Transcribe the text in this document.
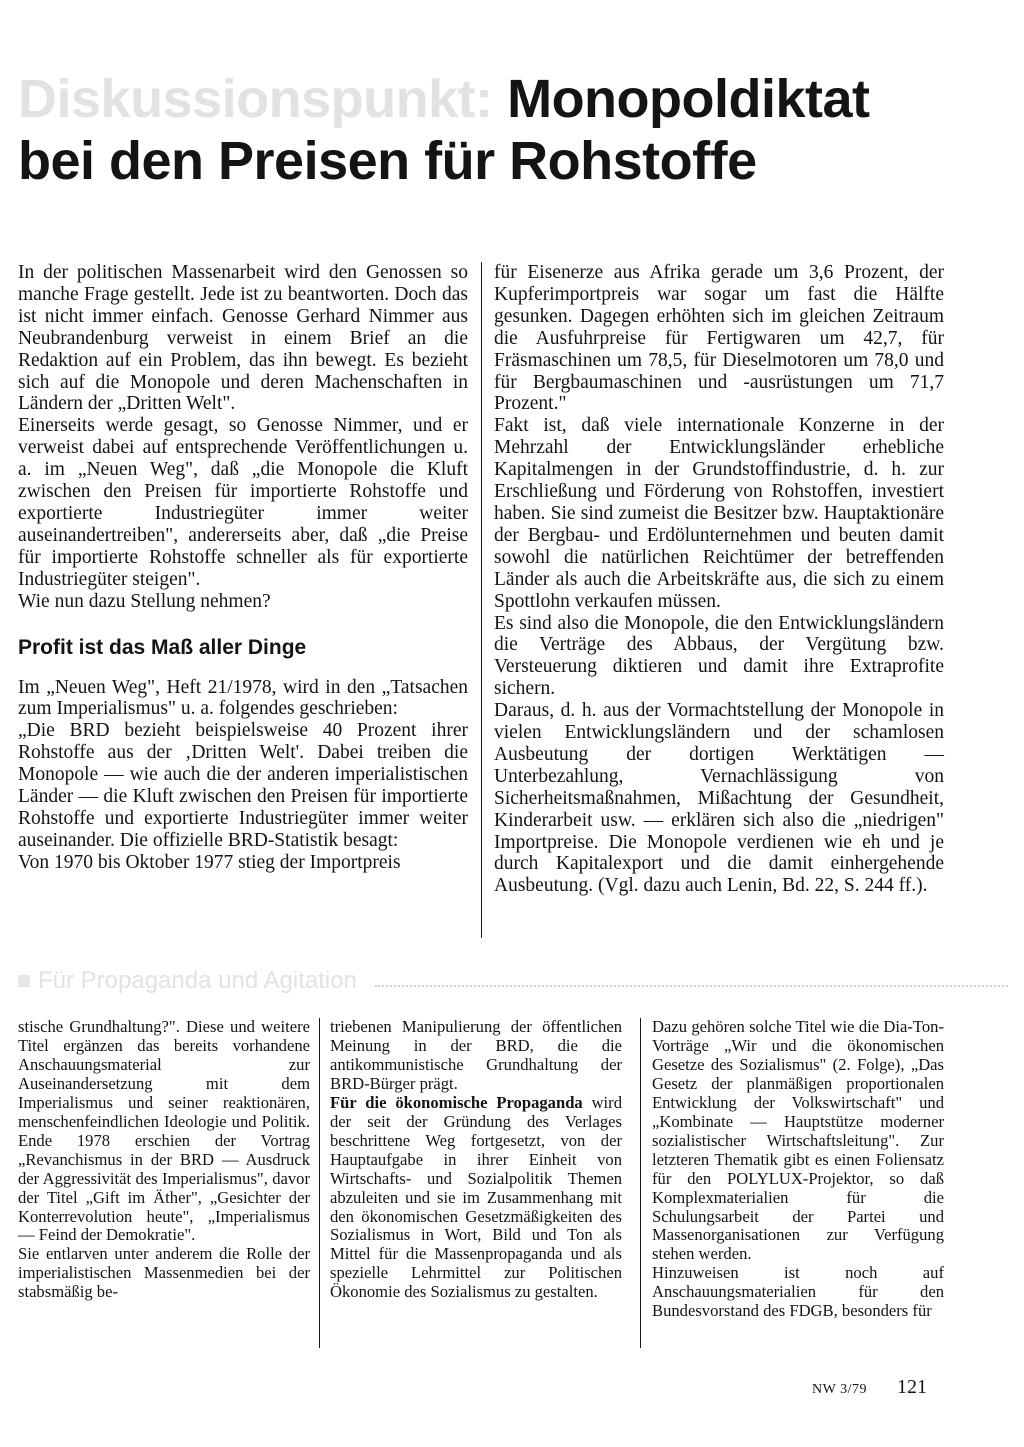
Diskussionspunkt: Monopoldiktat
bei den Preisen für Rohstoffe

In der politischen Massenarbeit wird den Genossen so manche Frage gestellt. Jede ist zu beantworten. Doch das ist nicht immer einfach. Genosse Gerhard Nimmer aus Neubrandenburg verweist in einem Brief an die Redaktion auf ein Problem, das ihn bewegt. Es bezieht sich auf die Monopole und deren Machenschaften in Ländern der „Dritten Welt".

Einerseits werde gesagt, so Genosse Nimmer, und er verweist dabei auf entsprechende Veröffentlichungen u. a. im „Neuen Weg", daß „die Monopole die Kluft zwischen den Preisen für importierte Rohstoffe und exportierte Industriegüter immer weiter auseinandertreiben", andererseits aber, daß „die Preise für importierte Rohstoffe schneller als für exportierte Industriegüter steigen".

Wie nun dazu Stellung nehmen?

Profit ist das Maß aller Dinge

Im „Neuen Weg", Heft 21/1978, wird in den „Tatsachen zum Imperialismus" u. a. folgendes geschrieben:

„Die BRD bezieht beispielsweise 40 Prozent ihrer Rohstoffe aus der ‚Dritten Welt'. Dabei treiben die Monopole — wie auch die der anderen imperialistischen Länder — die Kluft zwischen den Preisen für importierte Rohstoffe und exportierte Industriegüter immer weiter auseinander. Die offizielle BRD-Statistik besagt:

Von 1970 bis Oktober 1977 stieg der Importpreis

für Eisenerze aus Afrika gerade um 3,6 Prozent, der Kupferimportpreis war sogar um fast die Hälfte gesunken. Dagegen erhöhten sich im gleichen Zeitraum die Ausfuhrpreise für Fertigwaren um 42,7, für Fräsmaschinen um 78,5, für Dieselmotoren um 78,0 und für Bergbaumaschinen und -ausrüstungen um 71,7 Prozent."

Fakt ist, daß viele internationale Konzerne in der Mehrzahl der Entwicklungsländer erhebliche Kapitalmengen in der Grundstoffindustrie, d. h. zur Erschließung und Förderung von Rohstoffen, investiert haben. Sie sind zumeist die Besitzer bzw. Hauptaktionäre der Bergbau- und Erdölunternehmen und beuten damit sowohl die natürlichen Reichtümer der betreffenden Länder als auch die Arbeitskräfte aus, die sich zu einem Spottlohn verkaufen müssen.

Es sind also die Monopole, die den Entwicklungsländern die Verträge des Abbaus, der Vergütung bzw. Versteuerung diktieren und damit ihre Extraprofite sichern.

Daraus, d. h. aus der Vormachtstellung der Monopole in vielen Entwicklungsländern und der schamlosen Ausbeutung der dortigen Werktätigen — Unterbezahlung, Vernachlässigung von Sicherheitsmaßnahmen, Mißachtung der Gesundheit, Kinderarbeit usw. — erklären sich also die „niedrigen" Importpreise. Die Monopole verdienen wie eh und je durch Kapitalexport und die damit einhergehende Ausbeutung. (Vgl. dazu auch Lenin, Bd. 22, S. 244 ff.).

Für Propaganda und Agitation

stische Grundhaltung?". Diese und weitere Titel ergänzen das bereits vorhandene Anschauungsmaterial zur Auseinandersetzung mit dem Imperialismus und seiner reaktionären, menschenfeindlichen Ideologie und Politik. Ende 1978 erschien der Vortrag „Revanchismus in der BRD — Ausdruck der Aggressivität des Imperialismus", davor der Titel „Gift im Äther", „Gesichter der Konterrevolution heute", „Imperialismus — Feind der Demokratie".

Sie entlarven unter anderem die Rolle der imperialistischen Massenmedien bei der stabsmäßig be-

triebenen Manipulierung der öffentlichen Meinung in der BRD, die die antikommunistische Grundhaltung der BRD-Bürger prägt.

Für die ökonomische Propaganda wird der seit der Gründung des Verlages beschrittene Weg fortgesetzt, von der Hauptaufgabe in ihrer Einheit von Wirtschafts- und Sozialpolitik Themen abzuleiten und sie im Zusammenhang mit den ökonomischen Gesetzmäßigkeiten des Sozialismus in Wort, Bild und Ton als Mittel für die Massenpropaganda und als spezielle Lehrmittel zur Politischen Ökonomie des Sozialismus zu gestalten.

Dazu gehören solche Titel wie die Dia-Ton-Vorträge „Wir und die ökonomischen Gesetze des Sozialismus" (2. Folge), „Das Gesetz der planmäßigen proportionalen Entwicklung der Volkswirtschaft" und „Kombinate — Hauptstütze moderner sozialistischer Wirtschaftsleitung". Zur letzteren Thematik gibt es einen Foliensatz für den POLYLUX-Projektor, so daß Komplexmaterialien für die Schulungsarbeit der Partei und Massenorganisationen zur Verfügung stehen werden.

Hinzuweisen ist noch auf Anschauungsmaterialien für den Bundesvorstand des FDGB, besonders für

NW 3/79 121
